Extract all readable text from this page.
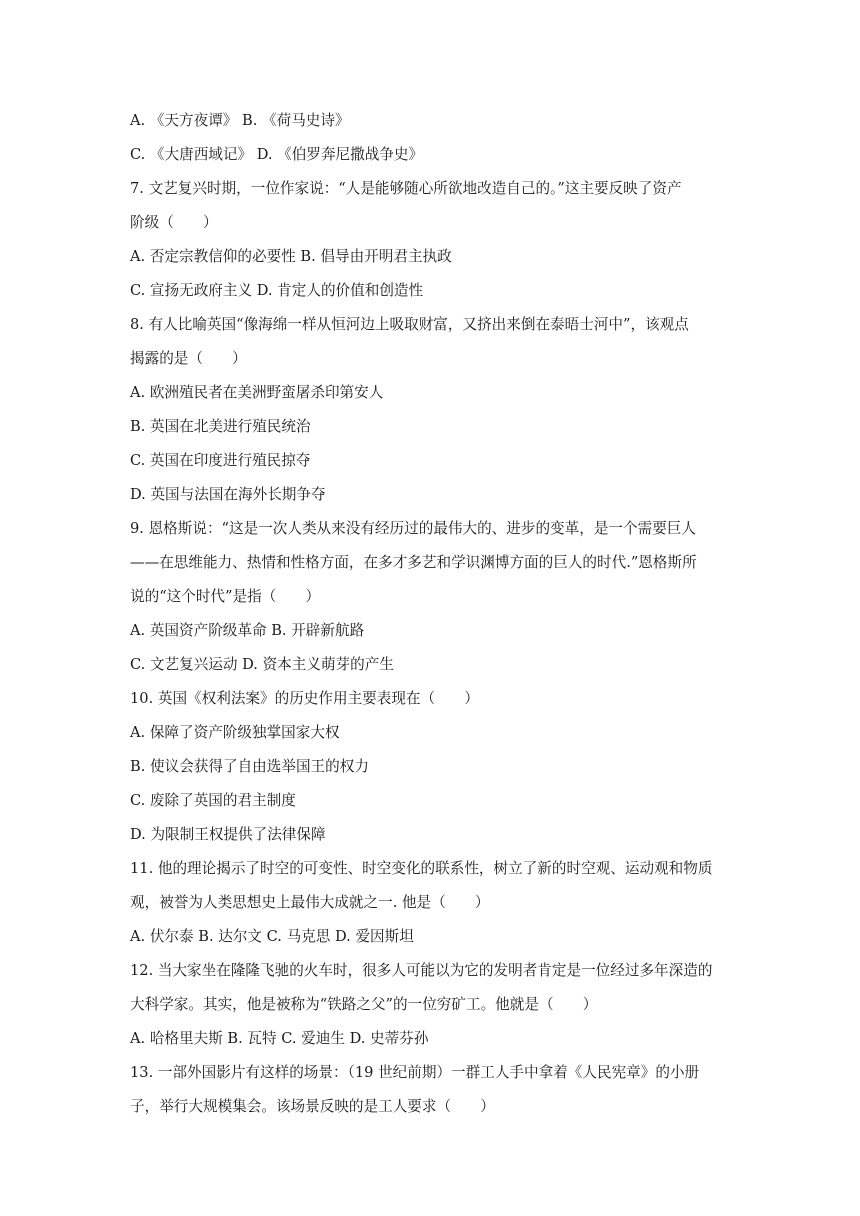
A. 《天方夜谭》 B. 《荷马史诗》
C. 《大唐西域记》 D. 《伯罗奔尼撒战争史》
7. 文艺复兴时期，一位作家说：“人是能够随心所欲地改造自己的。”这主要反映了资产
阶级（　　）
A. 否定宗教信仰的必要性 B. 倡导由开明君主执政
C. 宣扬无政府主义 D. 肯定人的价值和创造性
8. 有人比喻英国“像海绵一样从恒河边上吸取财富，又挤出来倒在泰晤士河中”，该观点
揭露的是（　　）
A. 欧洲殖民者在美洲野蛮屠杀印第安人
B. 英国在北美进行殖民统治
C. 英国在印度进行殖民掠夺
D. 英国与法国在海外长期争夺
9. 恩格斯说：“这是一次人类从来没有经历过的最伟大的、进步的变革，是一个需要巨人
——在思维能力、热情和性格方面，在多才多艺和学识渊博方面的巨人的时代.”恩格斯所
说的“这个时代”是指（　　）
A. 英国资产阶级革命 B. 开辟新航路
C. 文艺复兴运动 D. 资本主义萌芽的产生
10. 英国《权利法案》的历史作用主要表现在（　　）
A. 保障了资产阶级独掌国家大权
B. 使议会获得了自由选举国王的权力
C. 废除了英国的君主制度
D. 为限制王权提供了法律保障
11. 他的理论揭示了时空的可变性、时空变化的联系性，树立了新的时空观、运动观和物质
观，被誉为人类思想史上最伟大成就之一. 他是（　　）
A. 伏尔泰 B. 达尔文 C. 马克思 D. 爱因斯坦
12. 当大家坐在隆隆飞驰的火车时，很多人可能以为它的发明者肯定是一位经过多年深造的
大科学家。其实，他是被称为“铁路之父”的一位穷矿工。他就是（　　）
A. 哈格里夫斯 B. 瓦特 C. 爱迪生 D. 史蒂芬孙
13. 一部外国影片有这样的场景：（19 世纪前期）一群工人手中拿着《人民宪章》的小册
子，举行大规模集会。该场景反映的是工人要求（　　）
